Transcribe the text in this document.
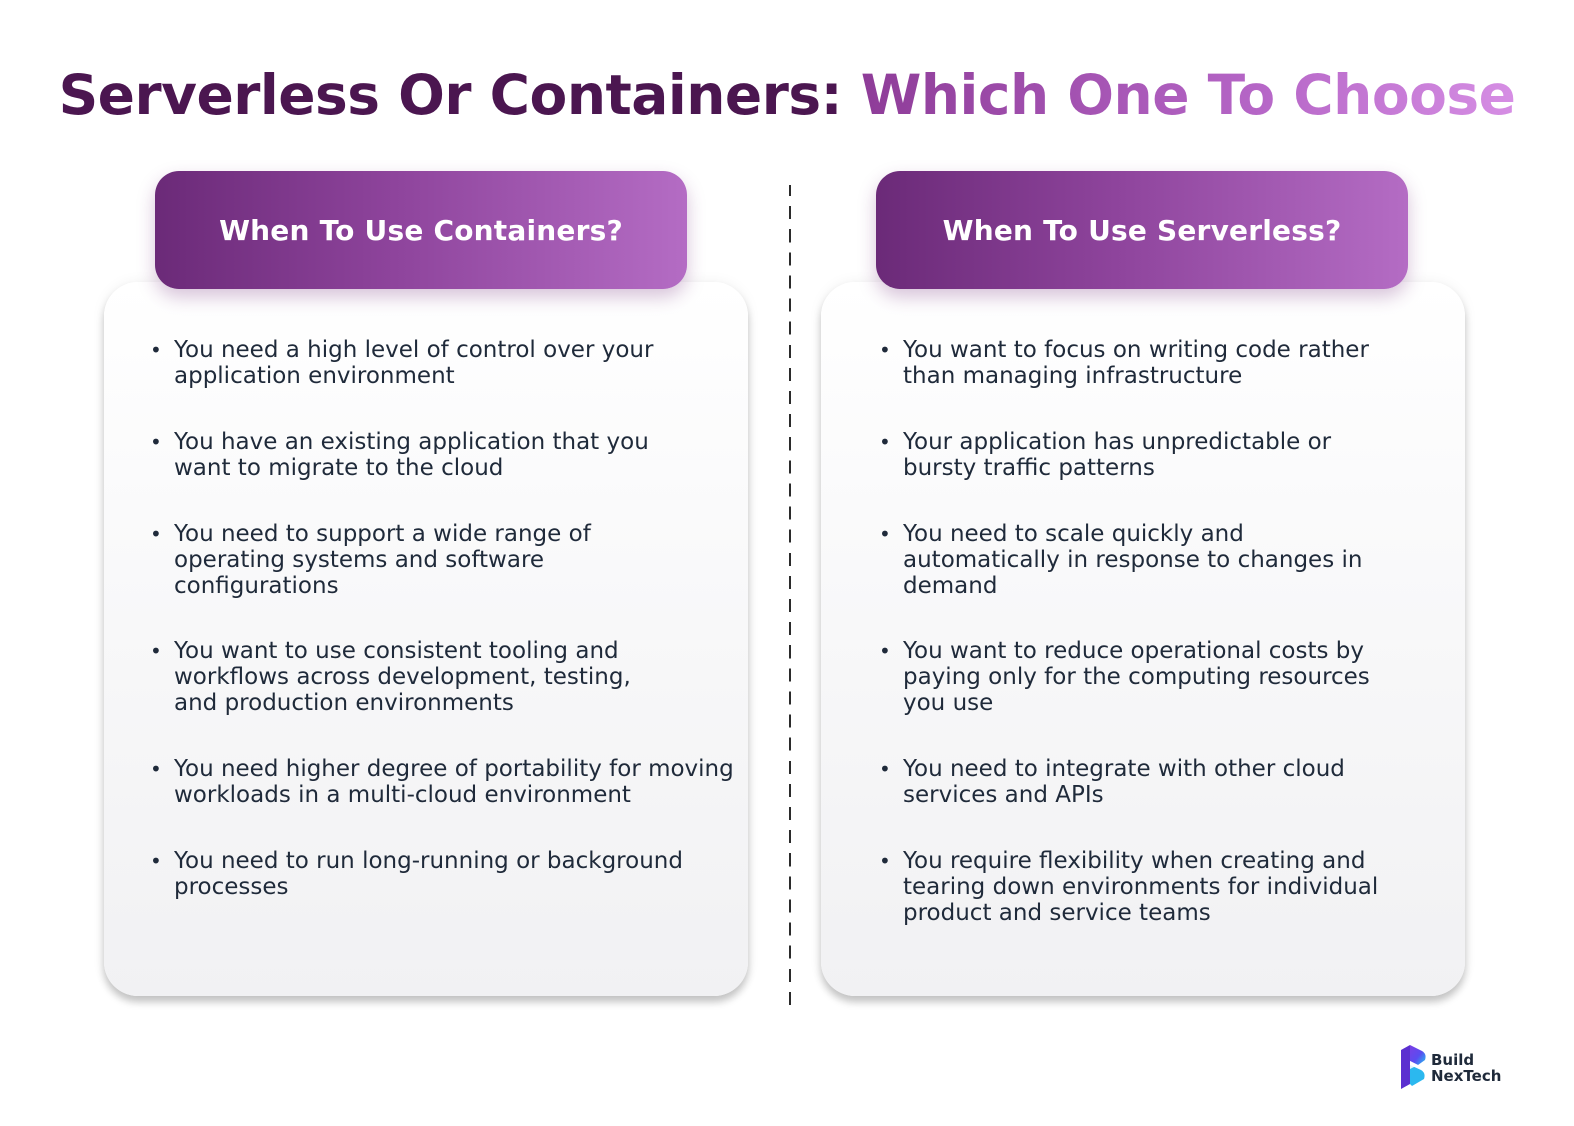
Serverless Or Containers: Which One To Choose
When To Use Containers?
• You need a high level of control over your application environment
• You have an existing application that you want to migrate to the cloud
• You need to support a wide range of operating systems and software configurations
• You want to use consistent tooling and workflows across development, testing, and production environments
• You need higher degree of portability for moving workloads in a multi-cloud environment
• You need to run long-running or background processes
When To Use Serverless?
• You want to focus on writing code rather than managing infrastructure
• Your application has unpredictable or bursty traffic patterns
• You need to scale quickly and automatically in response to changes in demand
• You want to reduce operational costs by paying only for the computing resources you use
• You need to integrate with other cloud services and APIs
• You require flexibility when creating and tearing down environments for individual product and service teams
Build
NexTech
